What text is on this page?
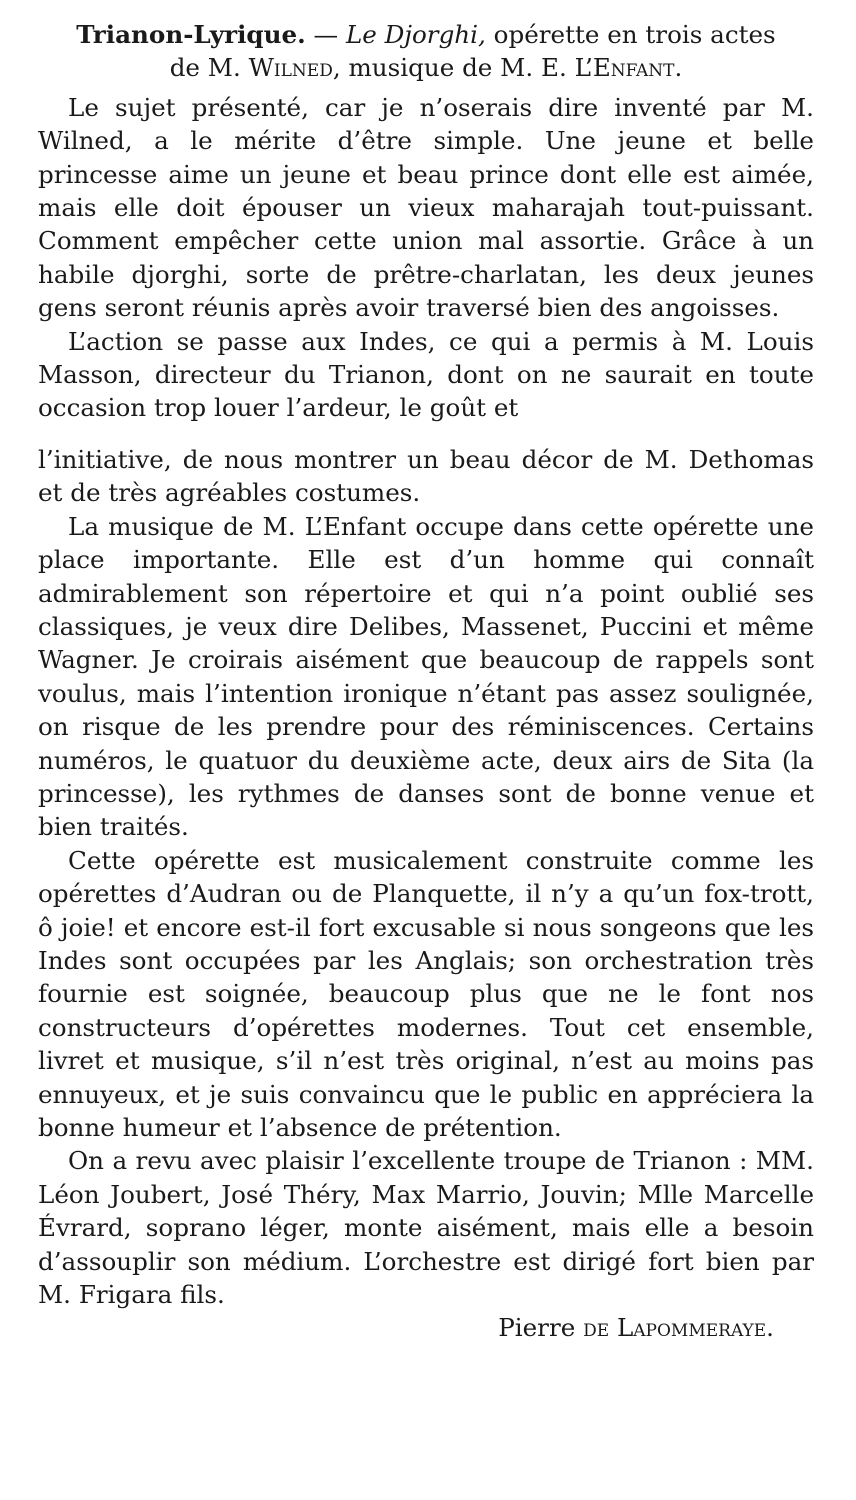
Trianon-Lyrique. — Le Djorghi, opérette en trois actes
de M. Wilned, musique de M. E. L’Enfant.

Le sujet présenté, car je n’oserais dire inventé par M. Wilned, a le mérite d’être simple. Une jeune et belle princesse aime un jeune et beau prince dont elle est aimée, mais elle doit épouser un vieux maharajah tout-puissant. Comment empêcher cette union mal assortie. Grâce à un habile djorghi, sorte de prêtre-charlatan, les deux jeunes gens seront réunis après avoir traversé bien des angoisses.

L’action se passe aux Indes, ce qui a permis à M. Louis Masson, directeur du Trianon, dont on ne saurait en toute occasion trop louer l’ardeur, le goût et

l’initiative, de nous montrer un beau décor de M. Dethomas et de très agréables costumes.

La musique de M. L’Enfant occupe dans cette opérette une place importante. Elle est d’un homme qui connaît admirablement son répertoire et qui n’a point oublié ses classiques, je veux dire Delibes, Massenet, Puccini et même Wagner. Je croirais aisément que beaucoup de rappels sont voulus, mais l’intention ironique n’étant pas assez soulignée, on risque de les prendre pour des réminiscences. Certains numéros, le quatuor du deuxième acte, deux airs de Sita (la princesse), les rythmes de danses sont de bonne venue et bien traités.

Cette opérette est musicalement construite comme les opérettes d’Audran ou de Planquette, il n’y a qu’un fox-trott, ô joie! et encore est-il fort excusable si nous songeons que les Indes sont occupées par les Anglais; son orchestration très fournie est soignée, beaucoup plus que ne le font nos constructeurs d’opérettes modernes. Tout cet ensemble, livret et musique, s’il n’est très original, n’est au moins pas ennuyeux, et je suis convaincu que le public en appréciera la bonne humeur et l’absence de prétention.

On a revu avec plaisir l’excellente troupe de Trianon : MM. Léon Joubert, José Théry, Max Marrio, Jouvin; Mlle Marcelle Évrard, soprano léger, monte aisément, mais elle a besoin d’assouplir son médium. L’orchestre est dirigé fort bien par M. Frigara fils.

Pierre de Lapommeraye.
